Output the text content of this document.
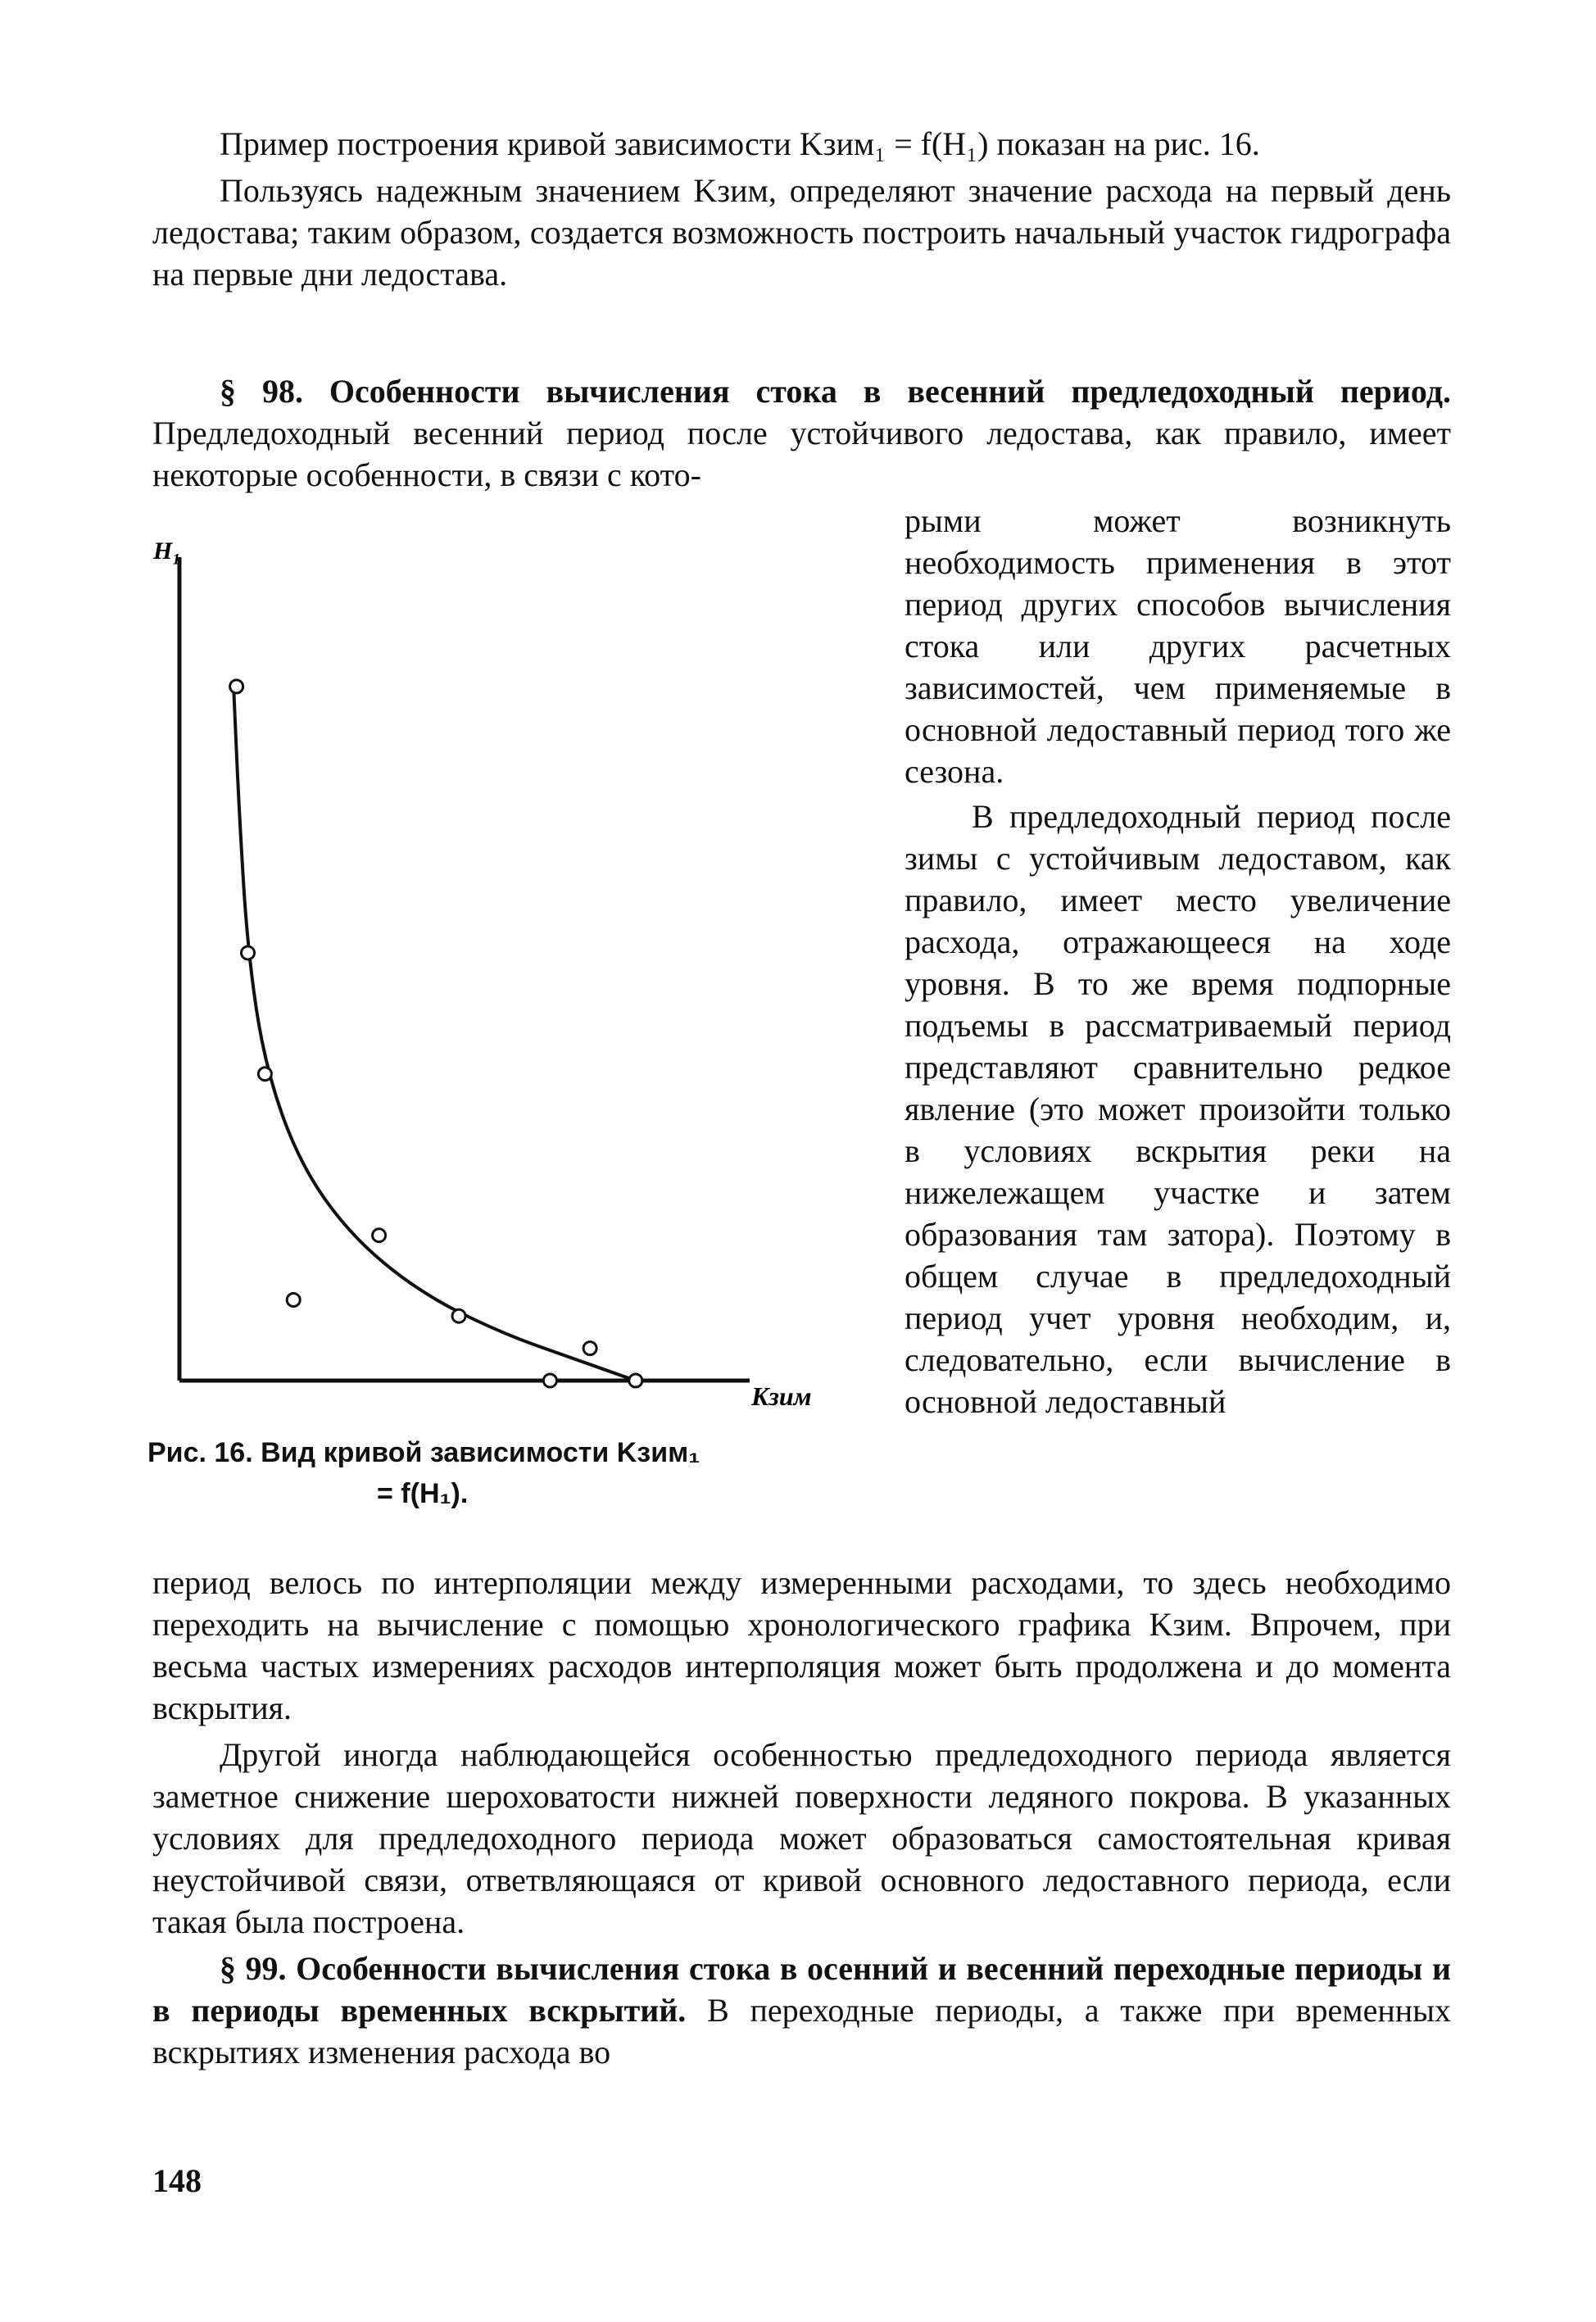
Пример построения кривой зависимости Kзим₁ = f(H₁) показан на рис. 16.

Пользуясь надежным значением Kзим, определяют значение расхода на первый день ледостава; таким образом, создается возможность построить начальный участок гидрографа на первые дни ледостава.

§ 98. Особенности вычисления стока в весенний предледоходный период. Предледоходный весенний период после устойчивого ледостава, как правило, имеет некоторые особенности, в связи с кото-

рыми может возникнуть необходимость применения в этот период других способов вычисления стока или других расчетных зависимостей, чем применяемые в основной ледоставный период того же сезона.

В предледоходный период после зимы с устойчивым ледоставом, как правило, имеет место увеличение расхода, отражающееся на ходе уровня. В то же время подпорные подъемы в рассматриваемый период представляют сравнительно редкое явление (это может произойти только в условиях вскрытия реки на нижележащем участке и затем образования там затора). Поэтому в общем случае в предледоходный период учет уровня необходим, и, следовательно, если вычисление в основной ледоставный

H₁
Kзим
Рис. 16. Вид кривой зависимости Kзим₁
= f(H₁).

период велось по интерполяции между измеренными расходами, то здесь необходимо переходить на вычисление с помощью хронологического графика Kзим. Впрочем, при весьма частых измерениях расходов интерполяция может быть продолжена и до момента вскрытия.

Другой иногда наблюдающейся особенностью предледоходного периода является заметное снижение шероховатости нижней поверхности ледяного покрова. В указанных условиях для предледоходного периода может образоваться самостоятельная кривая неустойчивой связи, ответвляющаяся от кривой основного ледоставного периода, если такая была построена.

§ 99. Особенности вычисления стока в осенний и весенний переходные периоды и в периоды временных вскрытий. В переходные периоды, а также при временных вскрытиях изменения расхода во

148
